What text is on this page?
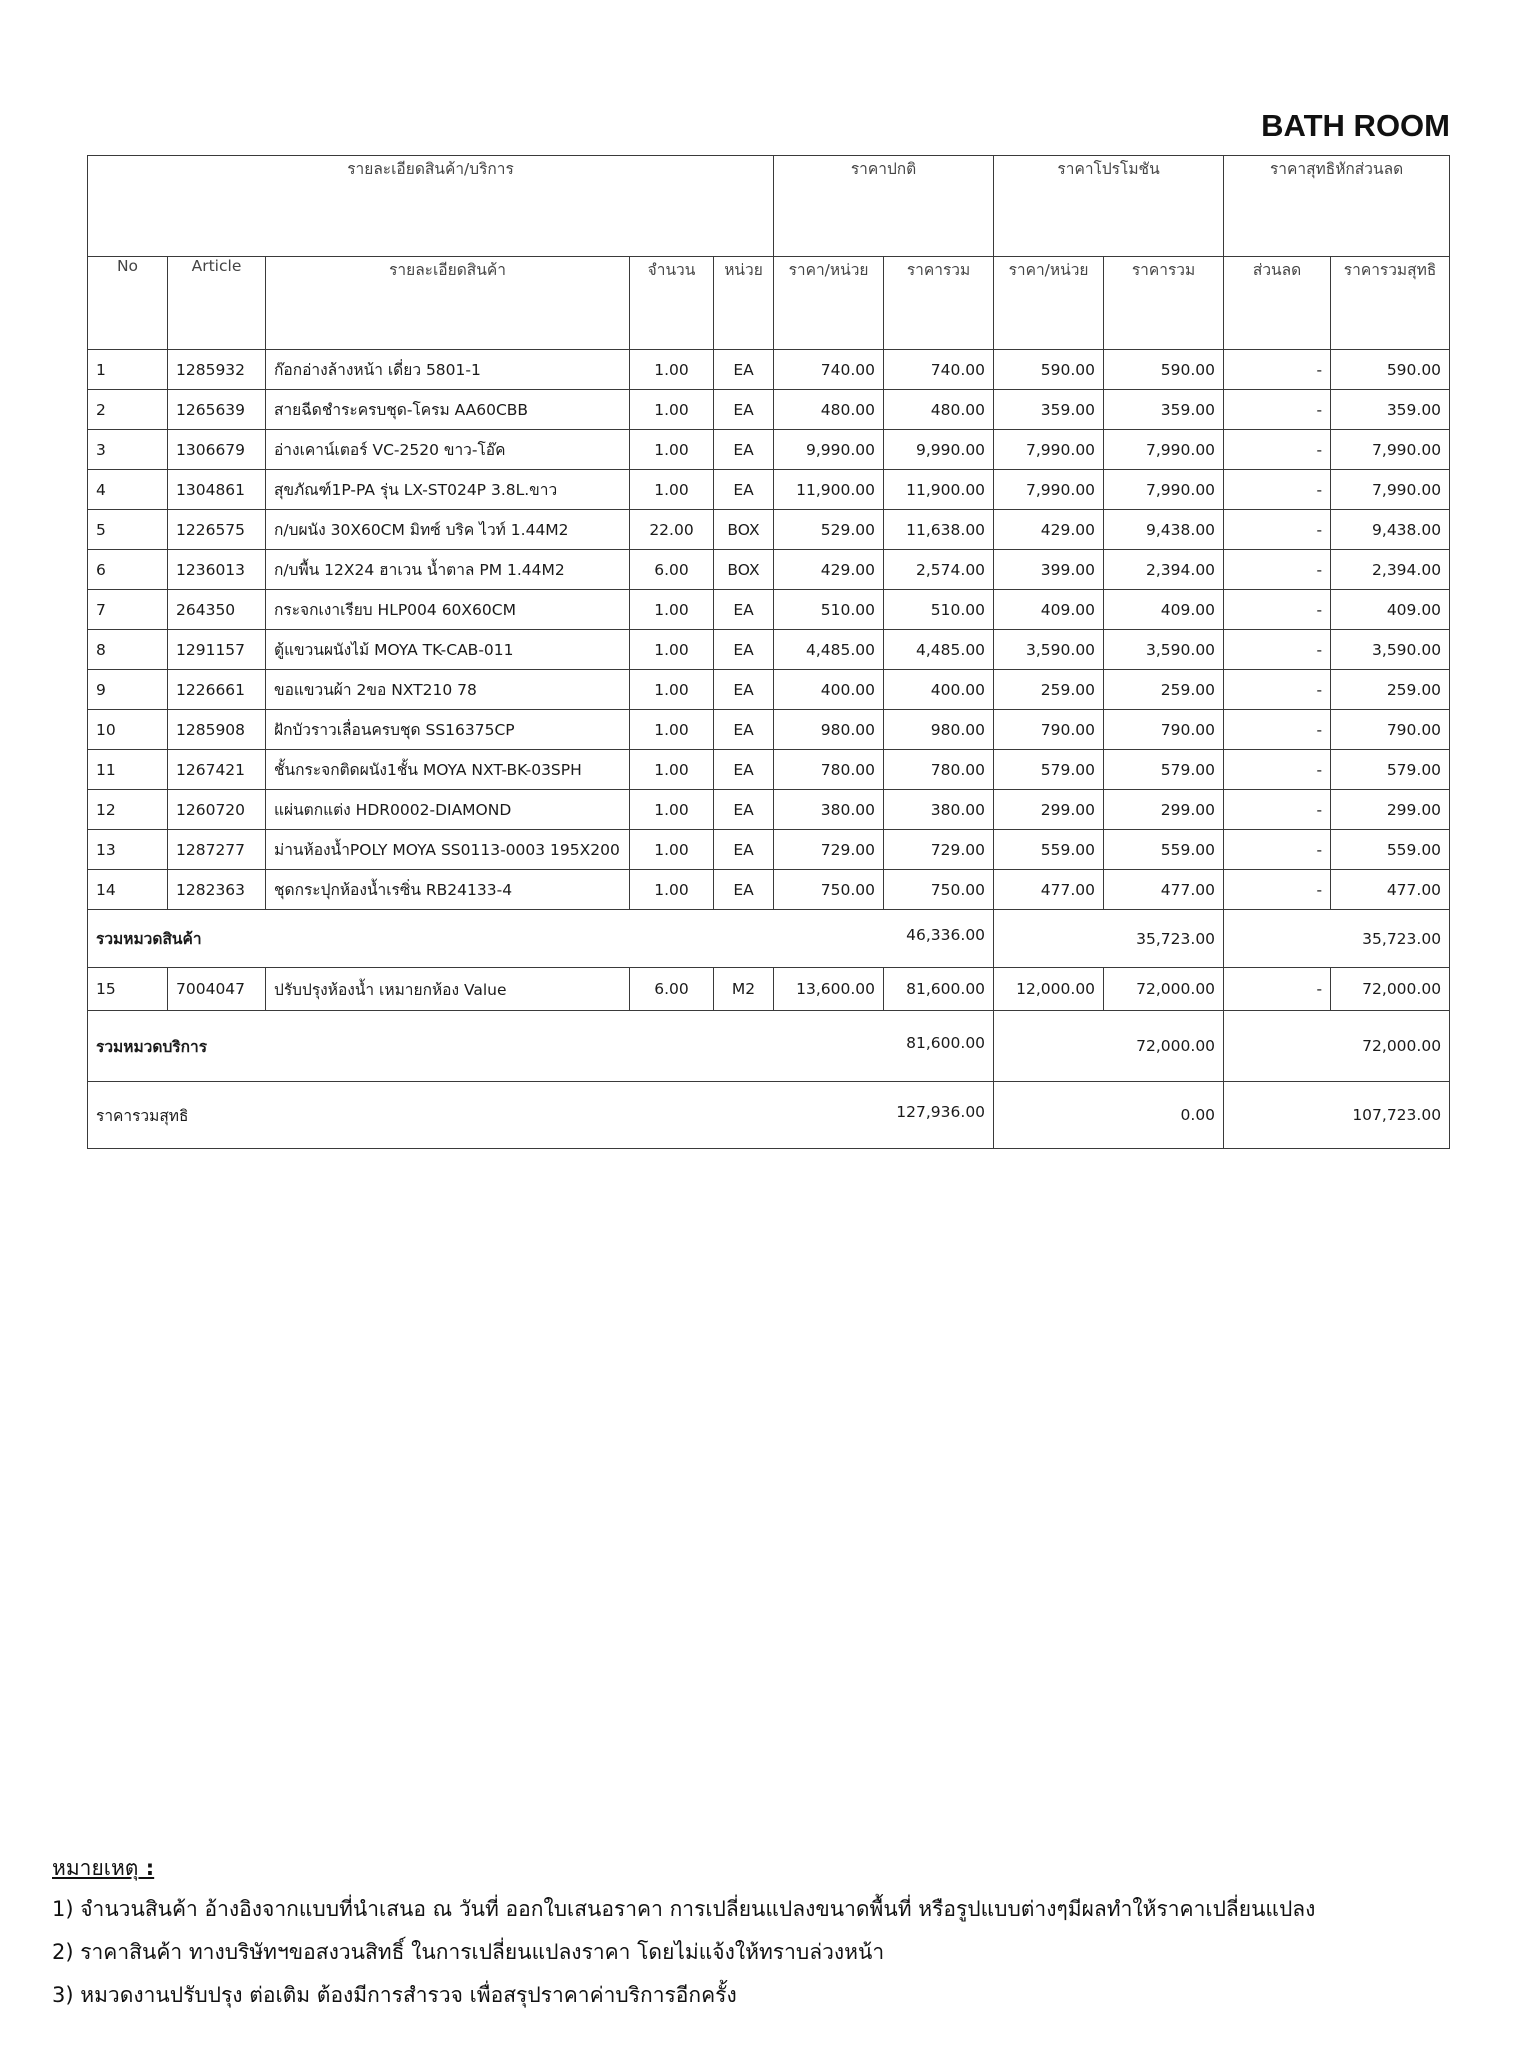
BATH ROOM
รายละเอียดสินค้า/บริการ					ราคาปกติ		ราคาโปรโมชัน		ราคาสุทธิหักส่วนลด	
No	Article	รายละเอียดสินค้า	จำนวน	หน่วย	ราคา/หน่วย	ราคารวม	ราคา/หน่วย	ราคารวม	ส่วนลด	ราคารวมสุทธิ
1	1285932	ก๊อกอ่างล้างหน้า เดี่ยว 5801-1	1.00	EA	740.00	740.00	590.00	590.00	-	590.00
2	1265639	สายฉีดชำระครบชุด-โครม AA60CBB	1.00	EA	480.00	480.00	359.00	359.00	-	359.00
3	1306679	อ่างเคาน์เตอร์ VC-2520 ขาว-โอ๊ค	1.00	EA	9,990.00	9,990.00	7,990.00	7,990.00	-	7,990.00
4	1304861	สุขภัณฑ์1P-PA รุ่น LX-ST024P 3.8L.ขาว	1.00	EA	11,900.00	11,900.00	7,990.00	7,990.00	-	7,990.00
5	1226575	ก/บผนัง 30X60CM มิทซ์ บริค ไวท์ 1.44M2	22.00	BOX	529.00	11,638.00	429.00	9,438.00	-	9,438.00
6	1236013	ก/บพื้น 12X24 ฮาเวน น้ำตาล PM 1.44M2	6.00	BOX	429.00	2,574.00	399.00	2,394.00	-	2,394.00
7	264350	กระจกเงาเรียบ HLP004 60X60CM	1.00	EA	510.00	510.00	409.00	409.00	-	409.00
8	1291157	ตู้แขวนผนังไม้ MOYA TK-CAB-011	1.00	EA	4,485.00	4,485.00	3,590.00	3,590.00	-	3,590.00
9	1226661	ขอแขวนผ้า 2ขอ NXT210 78	1.00	EA	400.00	400.00	259.00	259.00	-	259.00
10	1285908	ฝักบัวราวเลื่อนครบชุด SS16375CP	1.00	EA	980.00	980.00	790.00	790.00	-	790.00
11	1267421	ชั้นกระจกติดผนัง1ชั้น MOYA NXT-BK-03SPH	1.00	EA	780.00	780.00	579.00	579.00	-	579.00
12	1260720	แผ่นตกแต่ง HDR0002-DIAMOND	1.00	EA	380.00	380.00	299.00	299.00	-	299.00
13	1287277	ม่านห้องน้ำPOLY MOYA SS0113-0003 195X200	1.00	EA	729.00	729.00	559.00	559.00	-	559.00
14	1282363	ชุดกระปุกห้องน้ำเรซิ่น RB24133-4	1.00	EA	750.00	750.00	477.00	477.00	-	477.00

รวมหมวดสินค้า 46,336.00							35,723.00		35,723.00	
15	7004047	ปรับปรุงห้องน้ำ เหมายกห้อง Value	6.00	M2	13,600.00	81,600.00	12,000.00	72,000.00	-	72,000.00

รวมหมวดบริการ 81,600.00							72,000.00		72,000.00	

ราคารวมสุทธิ 127,936.00							0.00		107,723.00	
หมายเหตุ :
1) จำนวนสินค้า อ้างอิงจากแบบที่นำเสนอ ณ วันที่ ออกใบเสนอราคา การเปลี่ยนแปลงขนาดพื้นที่ หรือรูปแบบต่างๆมีผลทำให้ราคาเปลี่ยนแปลง
2) ราคาสินค้า ทางบริษัทฯขอสงวนสิทธิ์ ในการเปลี่ยนแปลงราคา โดยไม่แจ้งให้ทราบล่วงหน้า
3) หมวดงานปรับปรุง ต่อเติม ต้องมีการสำรวจ เพื่อสรุปราคาค่าบริการอีกครั้ง
